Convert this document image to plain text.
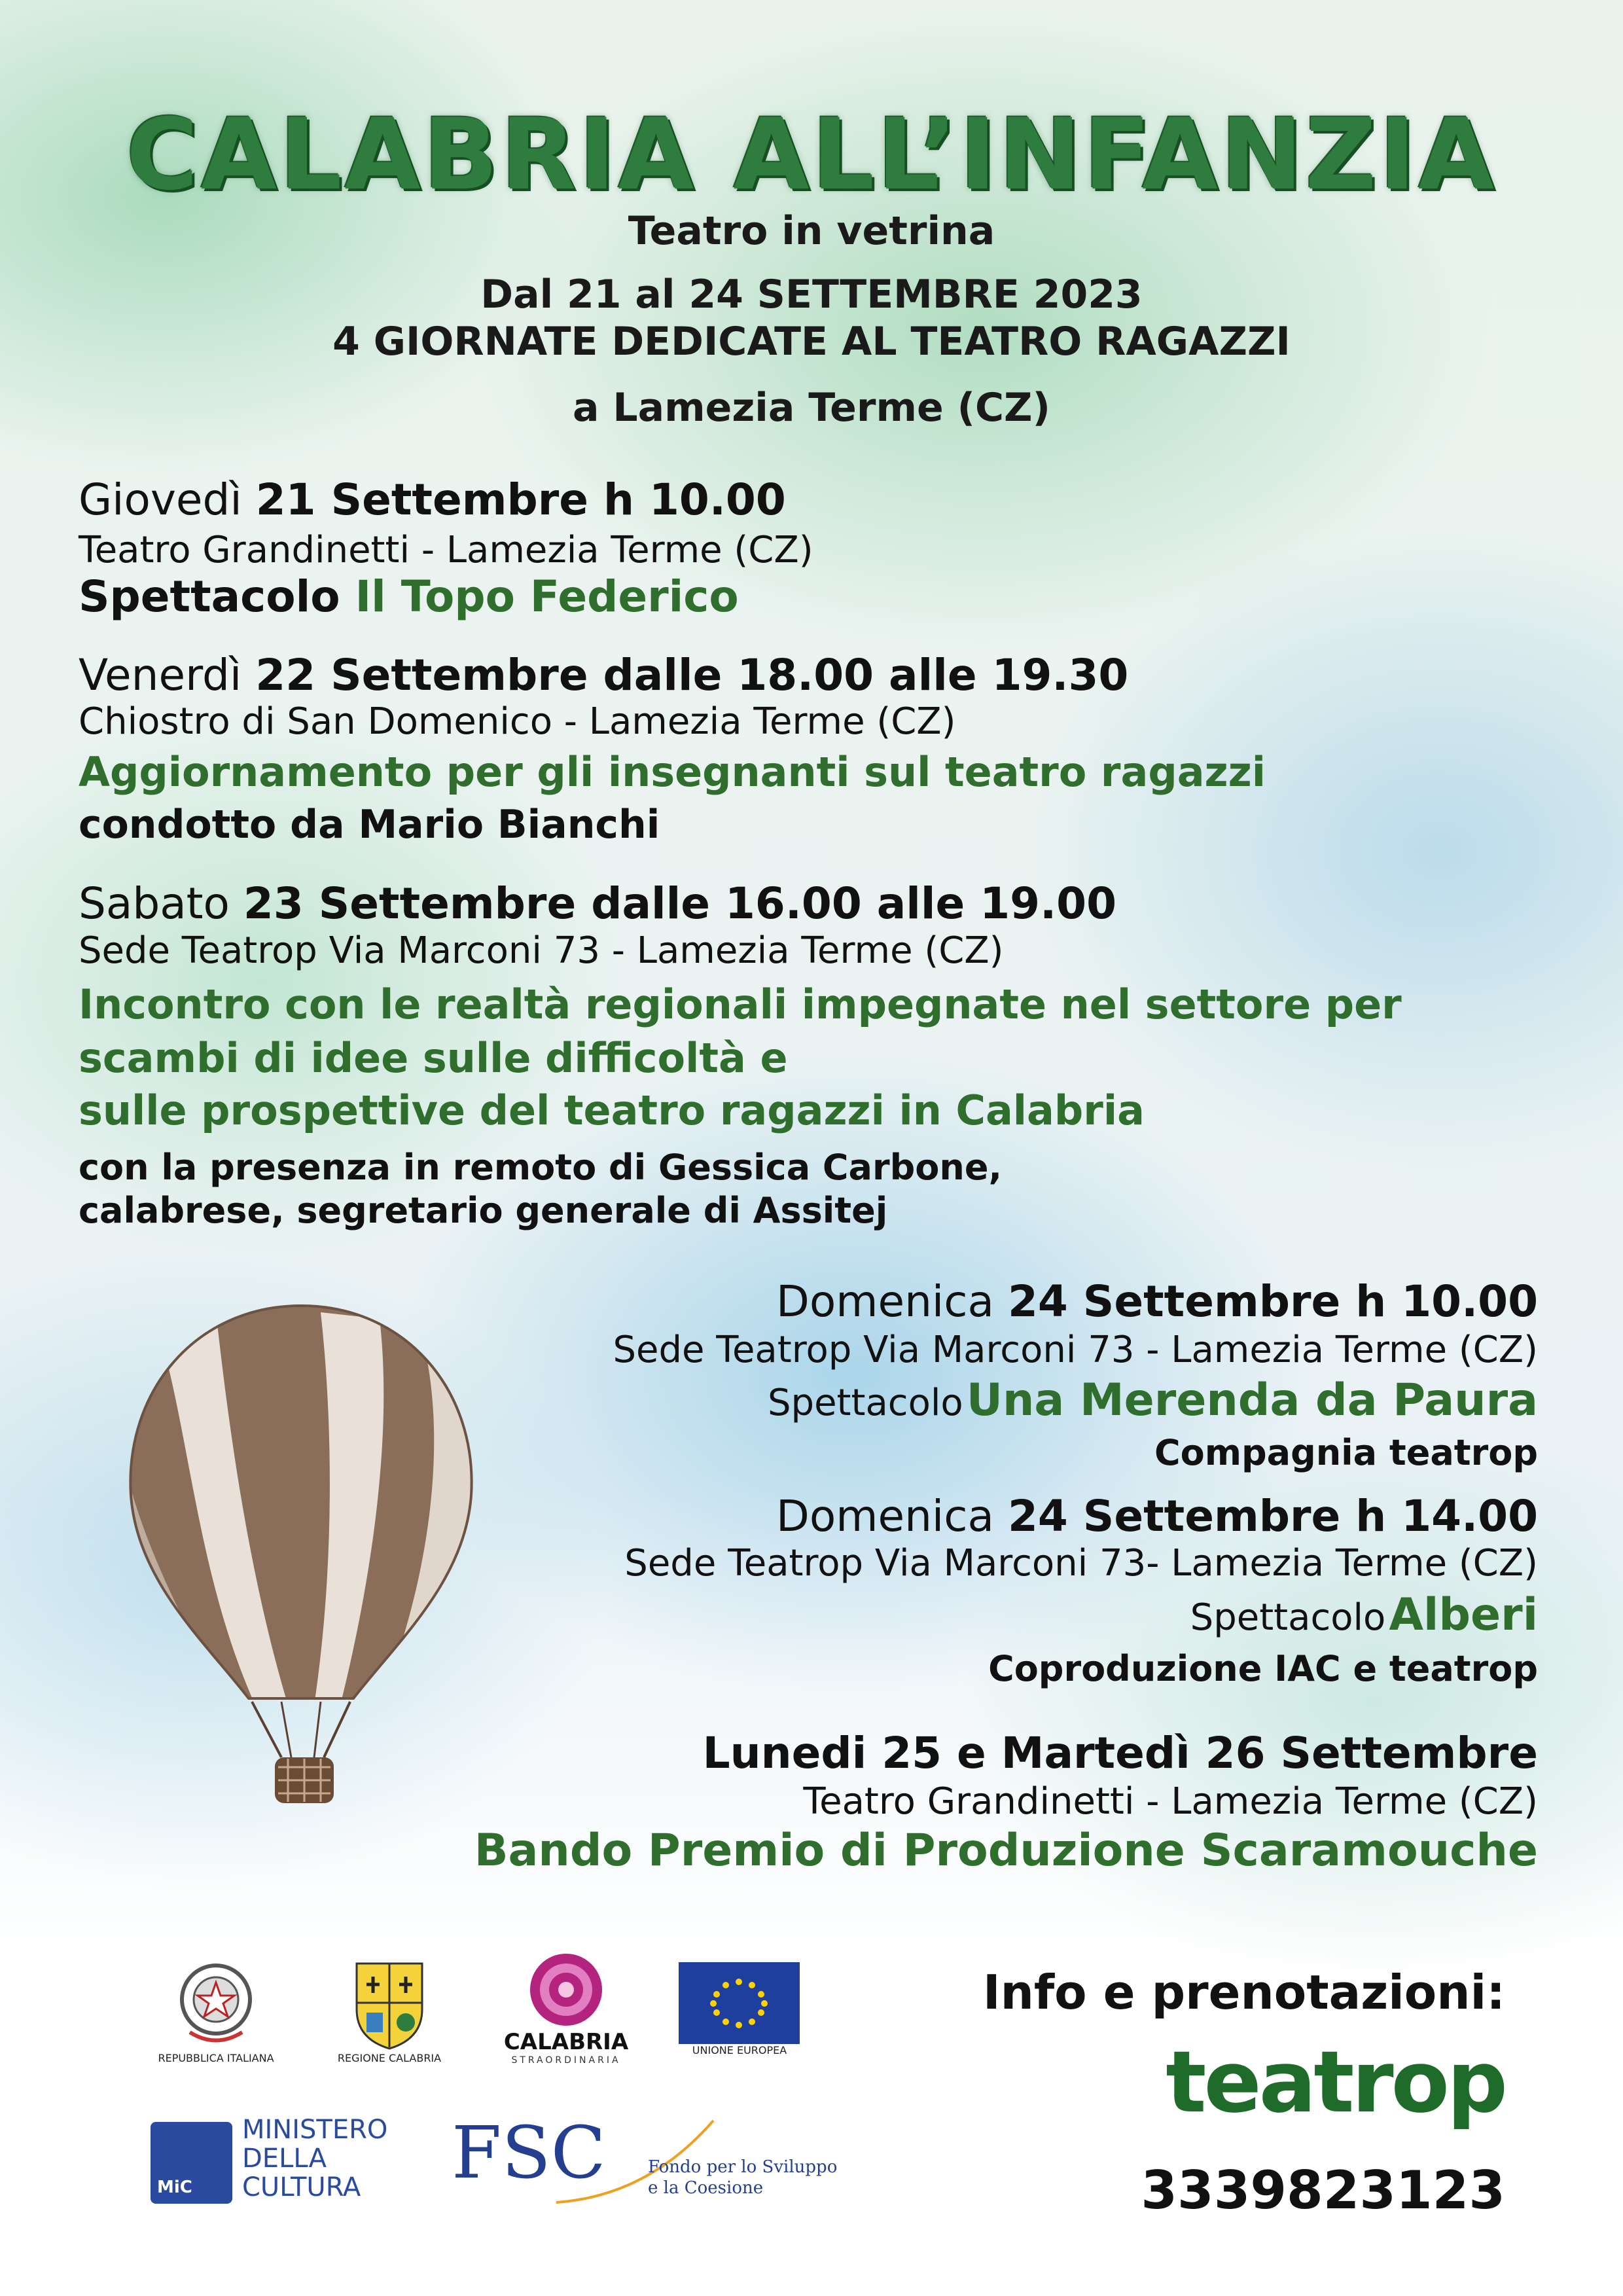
CALABRIA ALL’INFANZIA
Teatro in vetrina
Dal 21 al 24 SETTEMBRE 2023
4 GIORNATE DEDICATE AL TEATRO RAGAZZI
a Lamezia Terme (CZ)
Giovedì 21 Settembre h 10.00
Teatro Grandinetti - Lamezia Terme (CZ)
Spettacolo Il Topo Federico
Venerdì 22 Settembre dalle 18.00 alle 19.30
Chiostro di San Domenico - Lamezia Terme (CZ)
Aggiornamento per gli insegnanti sul teatro ragazzi
condotto da Mario Bianchi
Sabato 23 Settembre dalle 16.00 alle 19.00
Sede Teatrop Via Marconi 73 - Lamezia Terme (CZ)
Incontro con le realtà regionali impegnate nel settore per
scambi di idee sulle difficoltà e
sulle prospettive del teatro ragazzi in Calabria
con la presenza in remoto di Gessica Carbone,
calabrese, segretario generale di Assitej
Domenica 24 Settembre h 10.00
Sede Teatrop Via Marconi 73 - Lamezia Terme (CZ)
Spettacolo Una Merenda da Paura
Compagnia teatrop
Domenica 24 Settembre h 14.00
Sede Teatrop Via Marconi 73- Lamezia Terme (CZ)
Spettacolo Alberi
Coproduzione IAC e teatrop
Lunedi 25 e Martedì 26 Settembre
Teatro Grandinetti - Lamezia Terme (CZ)
Bando Premio di Produzione Scaramouche
REPUBBLICA ITALIANA	REGIONE CALABRIA
CALABRIA
STRAORDINARIA
UNIONE EUROPEA
MiC
MINISTERO
DELLA
CULTURA	FSC Fondo per lo Sviluppo
e la Coesione
Info e prenotazioni:
teatrop
3339823123
